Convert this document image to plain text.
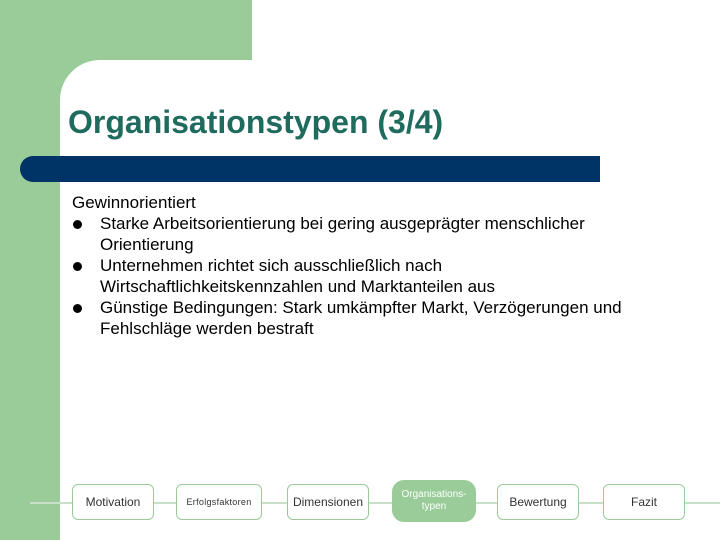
Organisationstypen (3/4)

Gewinnorientiert

Starke Arbeitsorientierung bei gering ausgeprägter menschlicher Orientierung
Unternehmen richtet sich ausschließlich nach Wirtschaftlichkeitskennzahlen und Marktanteilen aus
Günstige Bedingungen: Stark umkämpfter Markt, Verzögerungen und Fehlschläge werden bestraft
Motivation	Erfolgsfaktoren	Dimensionen
Organisations-typen	Bewertung	Fazit
